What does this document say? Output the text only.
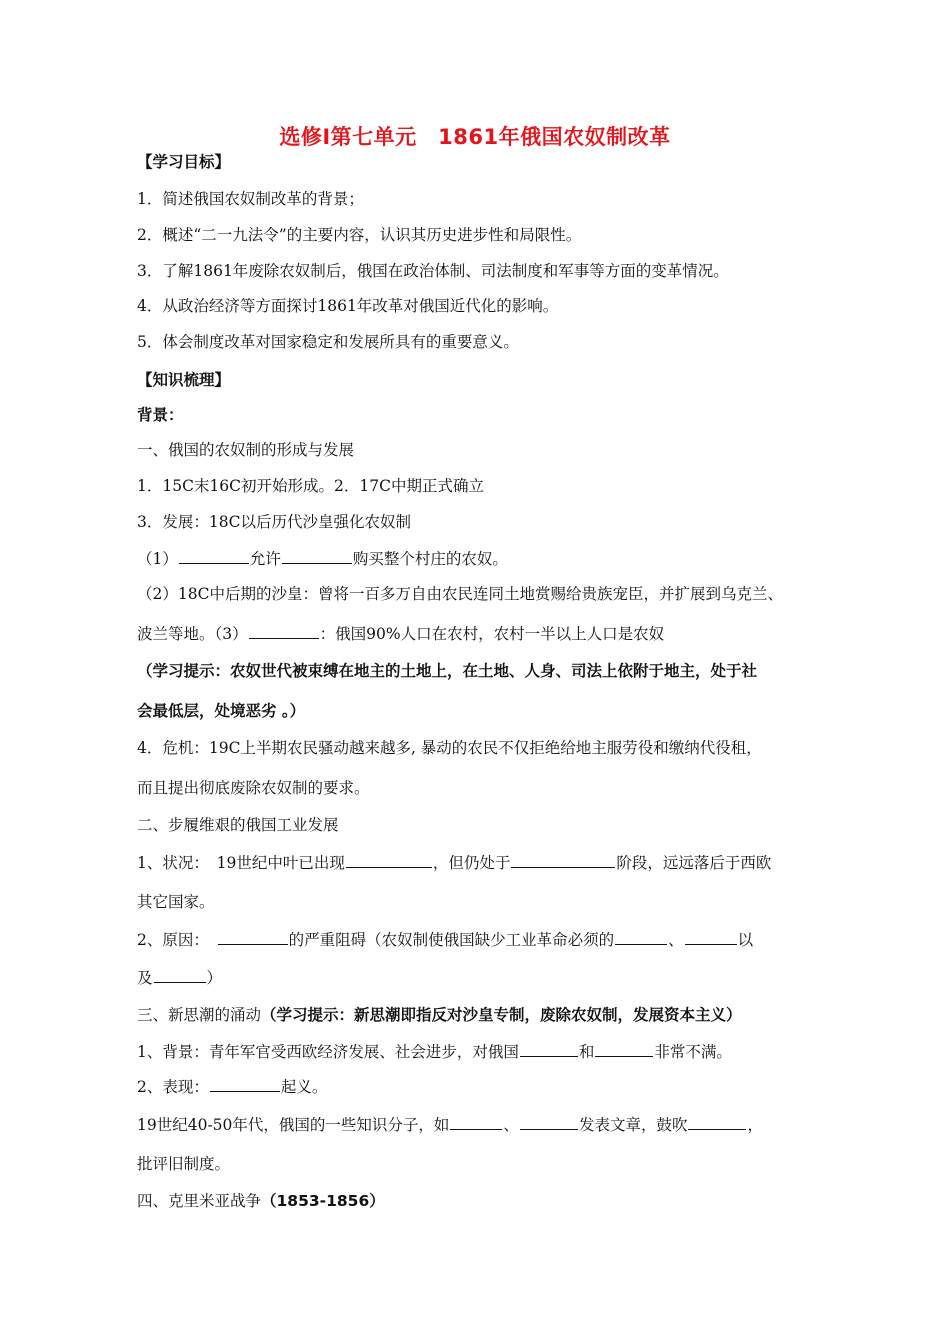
选修Ⅰ第七单元　1861年俄国农奴制改革
【学习目标】
1．简述俄国农奴制改革的背景；
2．概述“二一九法令”的主要内容，认识其历史进步性和局限性。
3．了解1861年废除农奴制后，俄国在政治体制、司法制度和军事等方面的变革情况。
4．从政治经济等方面探讨1861年改革对俄国近代化的影响。
5．体会制度改革对国家稳定和发展所具有的重要意义。
【知识梳理】
背景：
一、俄国的农奴制的形成与发展
1．15C末16C初开始形成。2．17C中期正式确立
3．发展：18C以后历代沙皇强化农奴制
（1）	允许	购买整个村庄的农奴。
（2）18C中后期的沙皇：曾将一百多万自由农民连同土地赏赐给贵族宠臣，并扩展到乌克兰、
波兰等地。（3）	：俄国90%人口在农村，农村一半以上人口是农奴
（学习提示：农奴世代被束缚在地主的土地上，在土地、人身、司法上依附于地主，处于社
会最低层，处境恶劣 。）
4．危机：19C上半期农民骚动越来越多, 暴动的农民不仅拒绝给地主服劳役和缴纳代役租，
而且提出彻底废除农奴制的要求。
二、步履维艰的俄国工业发展
1、状况：　19世纪中叶已出现	，但仍处于	阶段，远远落后于西欧
其它国家。
2、原因：　	的严重阻碍（农奴制使俄国缺少工业革命必须的	、	以
及	）
三、新思潮的涌动（学习提示：新思潮即指反对沙皇专制，废除农奴制，发展资本主义）
1、背景：青年军官受西欧经济发展、社会进步，对俄国	和	非常不满。
2、表现：	起义。
19世纪40-50年代，俄国的一些知识分子，如	、	发表文章，鼓吹	，
批评旧制度。
四、克里米亚战争（1853-1856）
